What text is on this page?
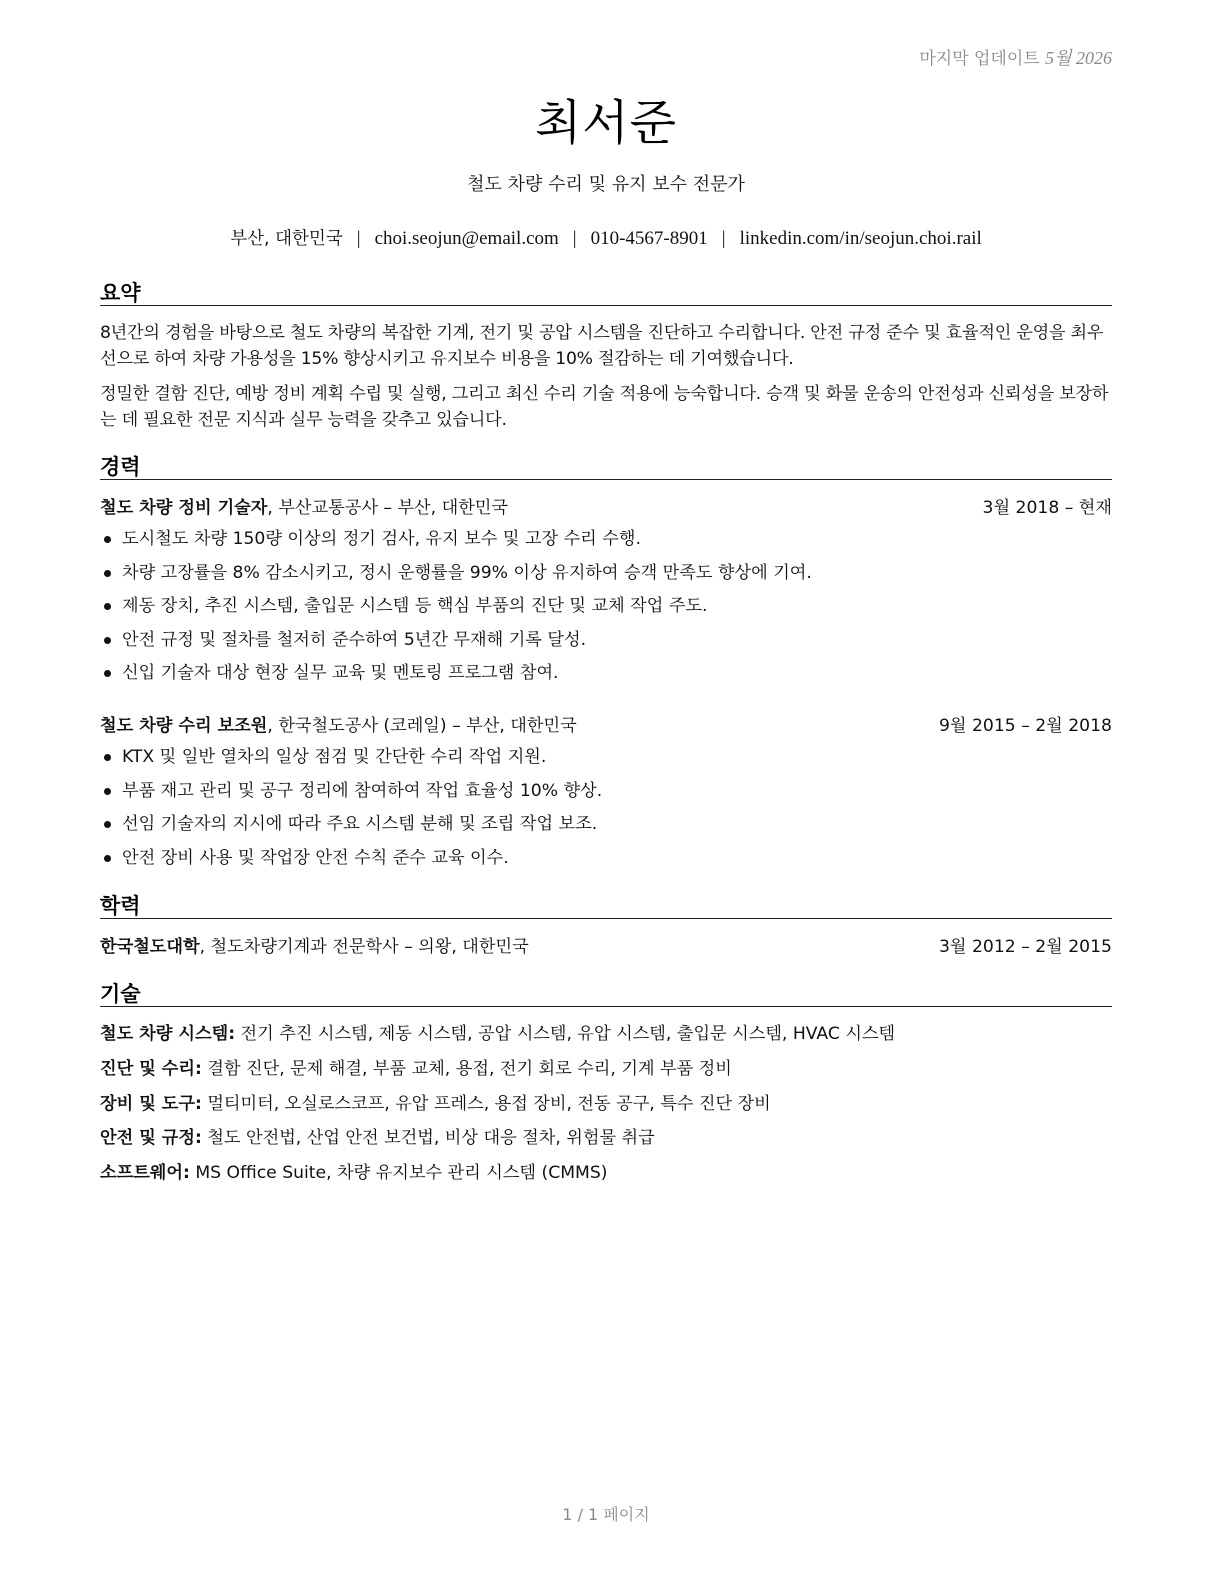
마지막 업데이트 5월 2026
최서준
철도 차량 수리 및 유지 보수 전문가
부산, 대한민국 | choi.seojun@email.com | 010-4567-8901 | linkedin.com/in/seojun.choi.rail
요약
8년간의 경험을 바탕으로 철도 차량의 복잡한 기계, 전기 및 공압 시스템을 진단하고 수리합니다. 안전 규정 준수 및 효율적인 운영을 최우선으로 하여 차량 가용성을 15% 향상시키고 유지보수 비용을 10% 절감하는 데 기여했습니다.
정밀한 결함 진단, 예방 정비 계획 수립 및 실행, 그리고 최신 수리 기술 적용에 능숙합니다. 승객 및 화물 운송의 안전성과 신뢰성을 보장하는 데 필요한 전문 지식과 실무 능력을 갖추고 있습니다.
경력
철도 차량 정비 기술자, 부산교통공사 – 부산, 대한민국	3월 2018 – 현재
도시철도 차량 150량 이상의 정기 검사, 유지 보수 및 고장 수리 수행.
차량 고장률을 8% 감소시키고, 정시 운행률을 99% 이상 유지하여 승객 만족도 향상에 기여.
제동 장치, 추진 시스템, 출입문 시스템 등 핵심 부품의 진단 및 교체 작업 주도.
안전 규정 및 절차를 철저히 준수하여 5년간 무재해 기록 달성.
신입 기술자 대상 현장 실무 교육 및 멘토링 프로그램 참여.
철도 차량 수리 보조원, 한국철도공사 (코레일) – 부산, 대한민국	9월 2015 – 2월 2018
KTX 및 일반 열차의 일상 점검 및 간단한 수리 작업 지원.
부품 재고 관리 및 공구 정리에 참여하여 작업 효율성 10% 향상.
선임 기술자의 지시에 따라 주요 시스템 분해 및 조립 작업 보조.
안전 장비 사용 및 작업장 안전 수칙 준수 교육 이수.
학력
한국철도대학, 철도차량기계과 전문학사 – 의왕, 대한민국	3월 2012 – 2월 2015
기술
철도 차량 시스템: 전기 추진 시스템, 제동 시스템, 공압 시스템, 유압 시스템, 출입문 시스템, HVAC 시스템
진단 및 수리: 결함 진단, 문제 해결, 부품 교체, 용접, 전기 회로 수리, 기계 부품 정비
장비 및 도구: 멀티미터, 오실로스코프, 유압 프레스, 용접 장비, 전동 공구, 특수 진단 장비
안전 및 규정: 철도 안전법, 산업 안전 보건법, 비상 대응 절차, 위험물 취급
소프트웨어: MS Office Suite, 차량 유지보수 관리 시스템 (CMMS)
1 / 1 페이지
